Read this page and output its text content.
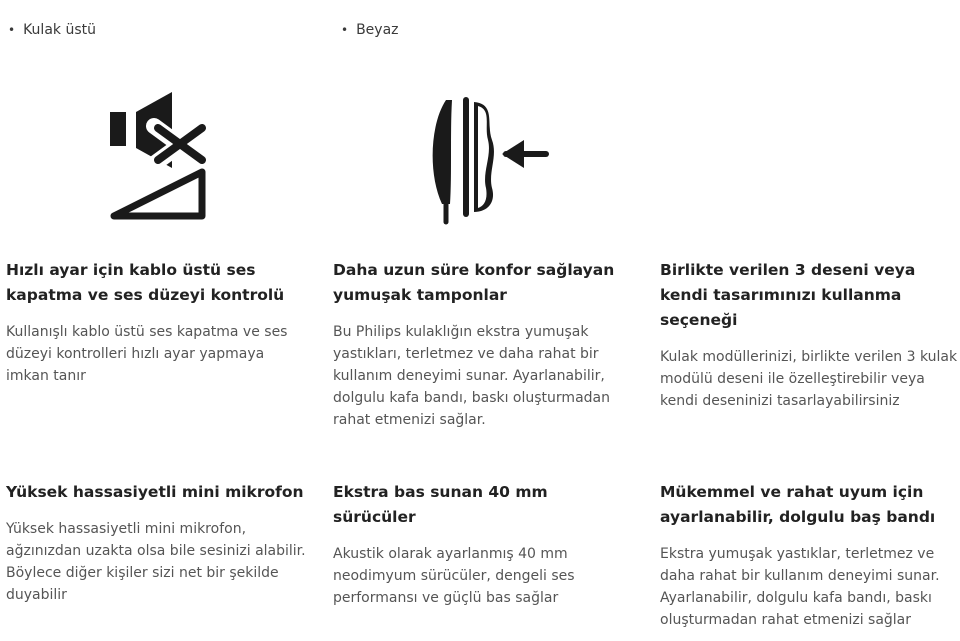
• Kulak üstü	• Beyaz
Hızlı ayar için kablo üstü ses kapatma ve ses düzeyi kontrolü

Kullanışlı kablo üstü ses kapatma ve ses düzeyi kontrolleri hızlı ayar yapmaya imkan tanır

Daha uzun süre konfor sağlayan yumuşak tamponlar

Bu Philips kulaklığın ekstra yumuşak yastıkları, terletmez ve daha rahat bir kullanım deneyimi sunar. Ayarlanabilir, dolgulu kafa bandı, baskı oluşturmadan rahat etmenizi sağlar.

Birlikte verilen 3 deseni veya kendi tasarımınızı kullanma seçeneği

Kulak modüllerinizi, birlikte verilen 3 kulak modülü deseni ile özelleştirebilir veya kendi deseninizi tasarlayabilirsiniz

Yüksek hassasiyetli mini mikrofon

Yüksek hassasiyetli mini mikrofon, ağzınızdan uzakta olsa bile sesinizi alabilir. Böylece diğer kişiler sizi net bir şekilde duyabilir

Ekstra bas sunan 40 mm sürücüler

Akustik olarak ayarlanmış 40 mm neodimyum sürücüler, dengeli ses performansı ve güçlü bas sağlar

Mükemmel ve rahat uyum için ayarlanabilir, dolgulu baş bandı

Ekstra yumuşak yastıklar, terletmez ve daha rahat bir kullanım deneyimi sunar. Ayarlanabilir, dolgulu kafa bandı, baskı oluşturmadan rahat etmenizi sağlar
